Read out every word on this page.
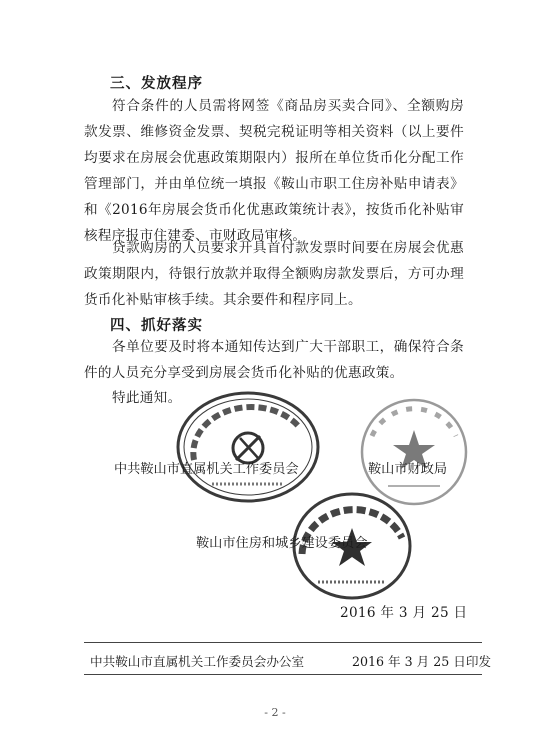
三、发放程序

符合条件的人员需将网签《商品房买卖合同》、全额购房款发票、维修资金发票、契税完税证明等相关资料（以上要件均要求在房展会优惠政策期限内）报所在单位货币化分配工作管理部门，并由单位统一填报《鞍山市职工住房补贴申请表》和《2016年房展会货币化优惠政策统计表》，按货币化补贴审核程序报市住建委、市财政局审核。

贷款购房的人员要求开具首付款发票时间要在房展会优惠政策期限内，待银行放款并取得全额购房款发票后，方可办理货币化补贴审核手续。其余要件和程序同上。

四、抓好落实

各单位要及时将本通知传达到广大干部职工，确保符合条件的人员充分享受到房展会货币化补贴的优惠政策。

特此通知。
中共鞍山市直属机关工作委员会	鞍山市财政局
鞍山市住房和城乡建设委员会
2016 年 3 月 25 日
中共鞍山市直属机关工作委员会办公室	2016 年 3 月 25 日印发
- 2 -
